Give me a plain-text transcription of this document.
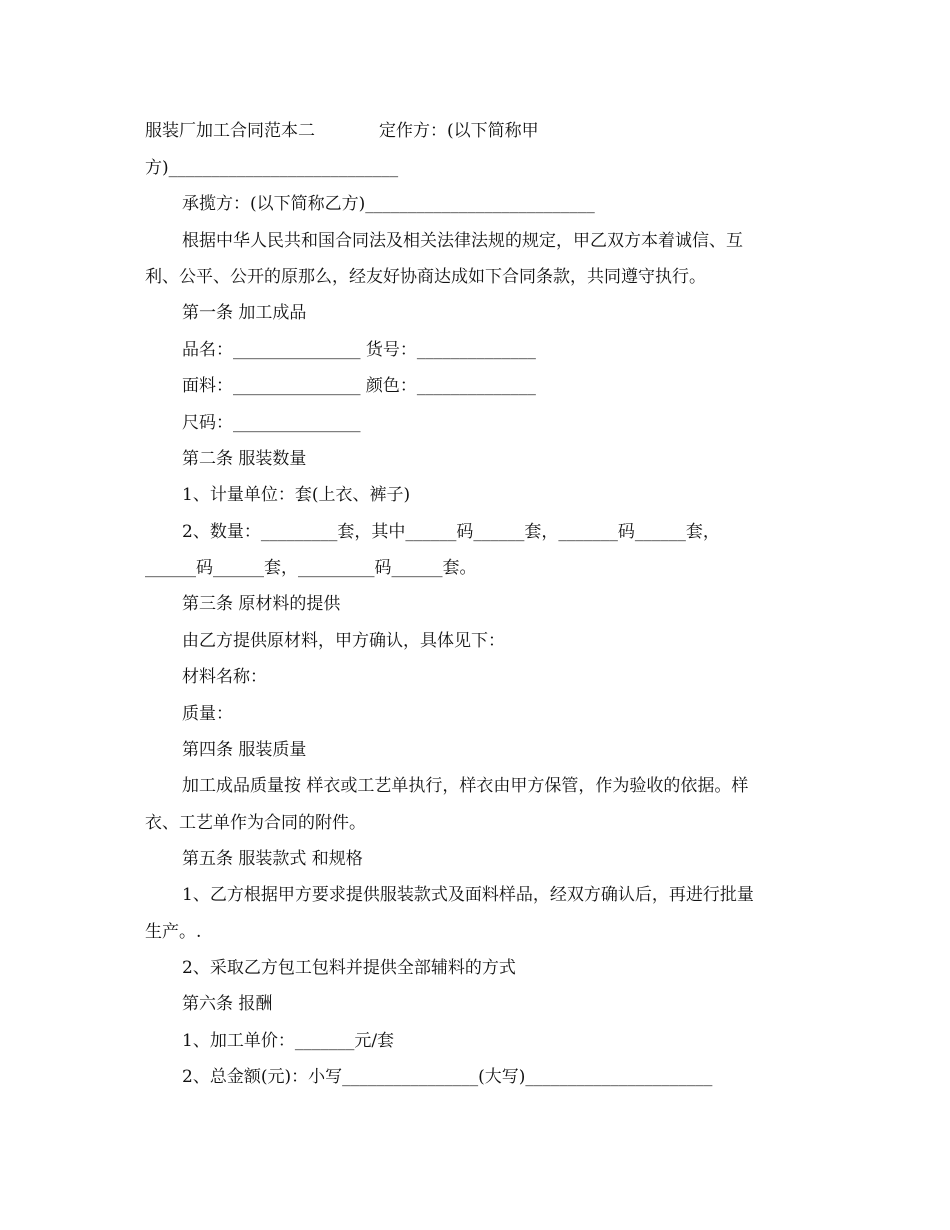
服装厂加工合同范本二	定作方：(以下简称甲
方)___________________________
承揽方：(以下简称乙方)___________________________
根据中华人民共和国合同法及相关法律法规的规定，甲乙双方本着诚信、互
利、公平、公开的原那么，经友好协商达成如下合同条款，共同遵守执行。
第一条 加工成品
品名：_______________ 货号：______________
面料：_______________ 颜色：______________
尺码：_______________
第二条 服装数量
1、计量单位：套(上衣、裤子)
2、数量：_________套，其中______码______套，_______码______套，
______码______套，_________码______套。
第三条 原材料的提供
由乙方提供原材料，甲方确认，具体见下：
材料名称：
质量：
第四条 服装质量
加工成品质量按 样衣或工艺单执行，样衣由甲方保管，作为验收的依据。样
衣、工艺单作为合同的附件。
第五条 服装款式 和规格
1、乙方根据甲方要求提供服装款式及面料样品，经双方确认后，再进行批量
生产。.
2、采取乙方包工包料并提供全部辅料的方式
第六条 报酬
1、加工单价：_______元/套
2、总金额(元)：小写________________(大写)______________________
